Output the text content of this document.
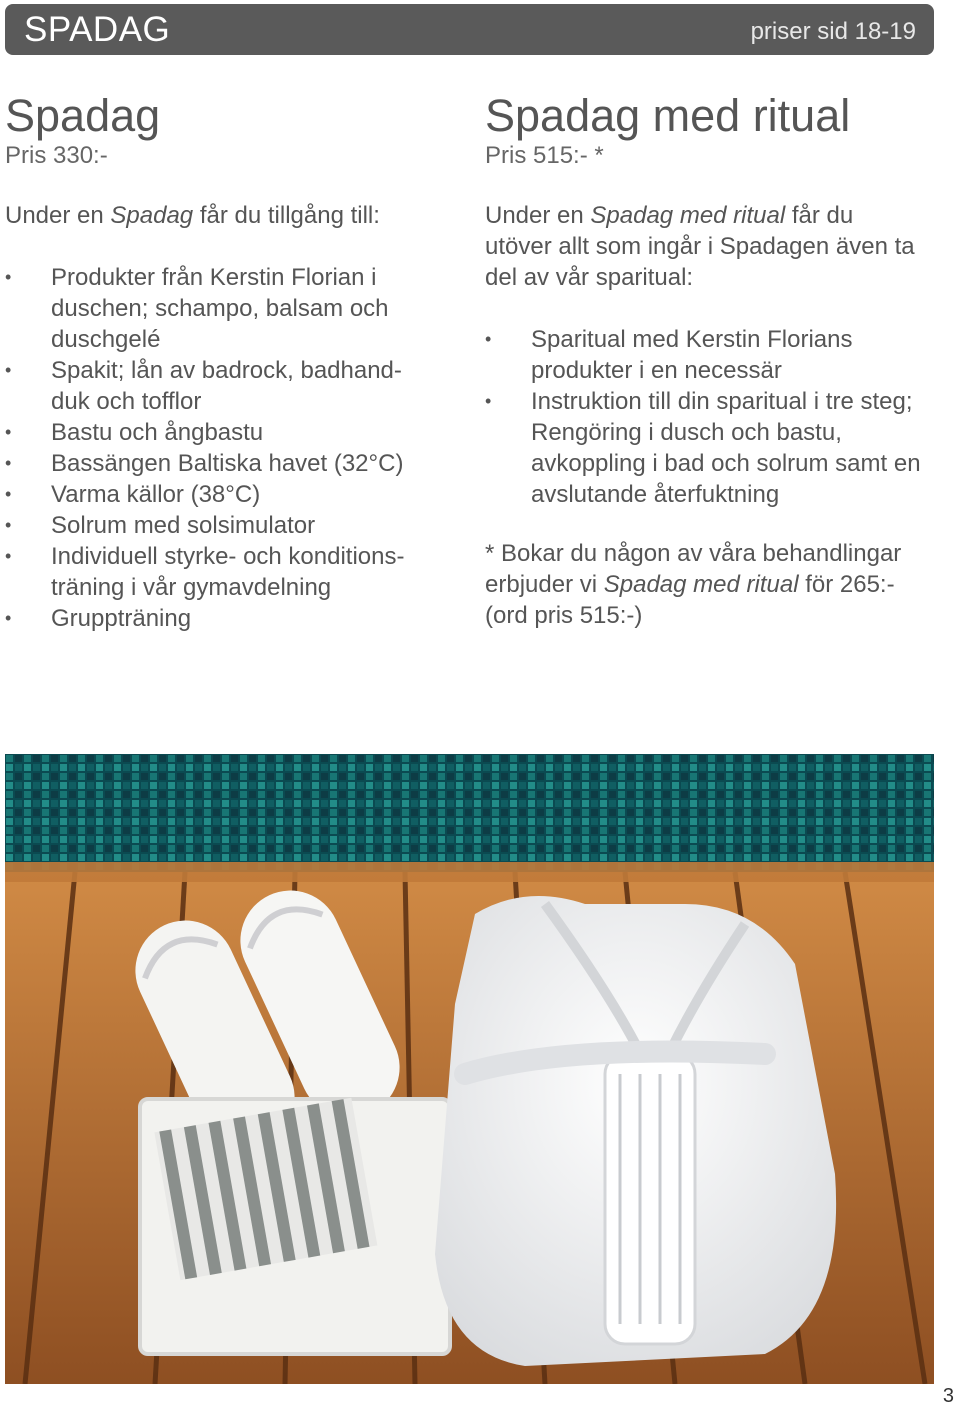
SPADAG	priser sid 18-19
Spadag

Pris 330:-

Under en Spadag får du tillgång till:

• Produkter från Kerstin Florian i duschen; schampo, balsam och duschgelé
• Spakit; lån av badrock, badhand-duk och tofflor
• Bastu och ångbastu
• Bassängen Baltiska havet (32°C)
• Varma källor (38°C)
• Solrum med solsimulator
• Individuell styrke- och konditions-träning i vår gymavdelning
• Gruppträning
Spadag med ritual

Pris 515:- *

Under en Spadag med ritual får du utöver allt som ingår i Spadagen även ta del av vår sparitual:

• Sparitual med Kerstin Florians produkter i en necessär
• Instruktion till din sparitual i tre steg; Rengöring i dusch och bastu, avkoppling i bad och solrum samt en avslutande återfuktning

* Bokar du någon av våra behandlingar erbjuder vi Spadag med ritual för 265:- (ord pris 515:-)

3
